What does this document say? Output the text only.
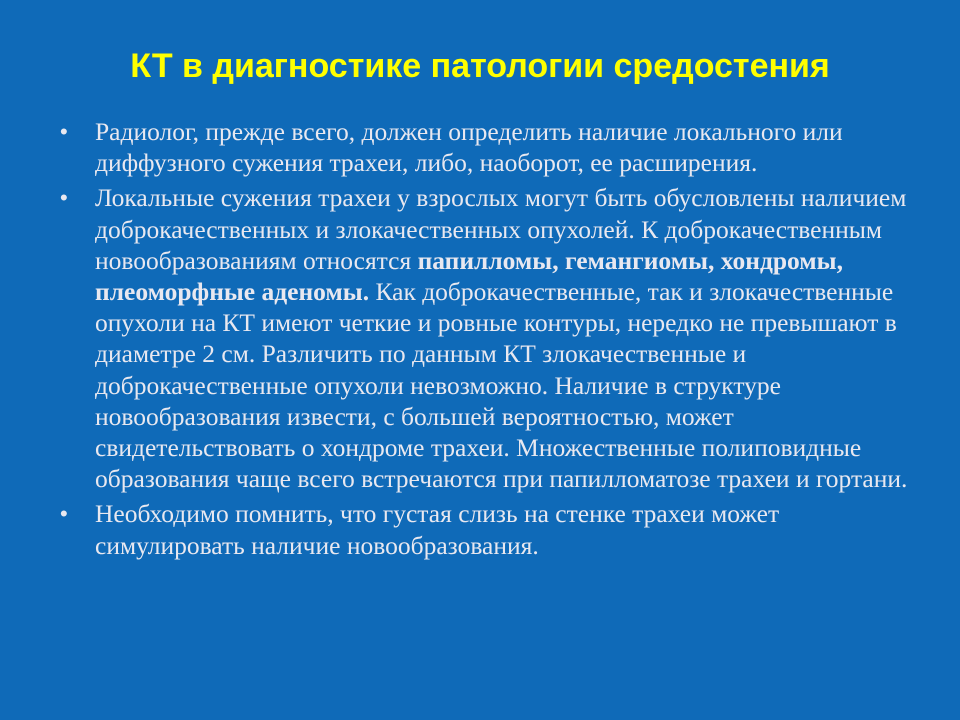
КТ в диагностике патологии средостения
•	Радиолог, прежде всего, должен определить наличие локального или диффузного сужения трахеи, либо, наоборот, ее расширения.
•	Локальные сужения трахеи у взрослых могут быть обусловлены наличием доброкачественных и злокачественных опухолей. К доброкачественным новообразованиям относятся папилломы, гемангиомы, хондромы, плеоморфные аденомы. Как доброкачественные, так и злокачественные опухоли на КТ имеют четкие и ровные контуры, нередко не превышают в диаметре 2 см. Различить по данным КТ злокачественные и доброкачественные опухоли невозможно. Наличие в структуре новообразования извести, с большей вероятностью, может свидетельствовать о хондроме трахеи. Множественные полиповидные образования чаще всего встречаются при папилломатозе трахеи и гортани.
•	Необходимо помнить, что густая слизь на стенке трахеи может симулировать наличие новообразования.
